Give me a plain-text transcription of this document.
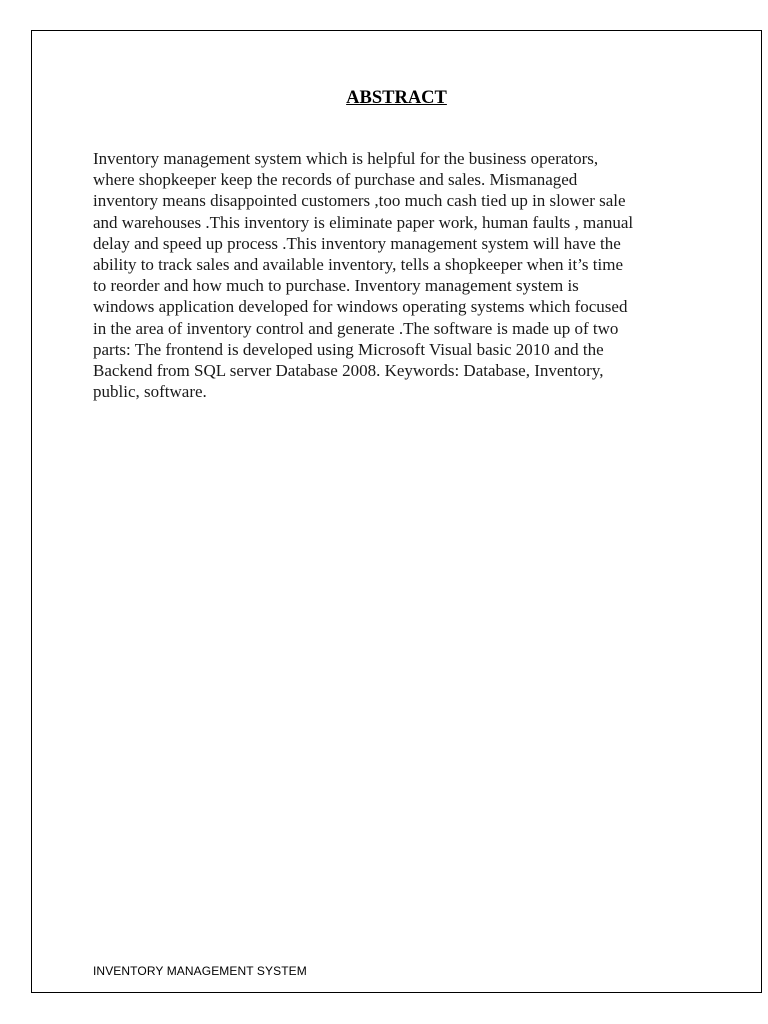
ABSTRACT

Inventory management system which is helpful for the business operators,
where shopkeeper keep the records of purchase and sales. Mismanaged
inventory means disappointed customers ,too much cash tied up in slower sale
and warehouses .This inventory is eliminate paper work, human faults , manual
delay and speed up process .This inventory management system will have the
ability to track sales and available inventory, tells a shopkeeper when it’s time
to reorder and how much to purchase. Inventory management system is
windows application developed for windows operating systems which focused
in the area of inventory control and generate .The software is made up of two
parts: The frontend is developed using Microsoft Visual basic 2010 and the
Backend from SQL server Database 2008. Keywords: Database, Inventory,
public, software.

INVENTORY MANAGEMENT SYSTEM
